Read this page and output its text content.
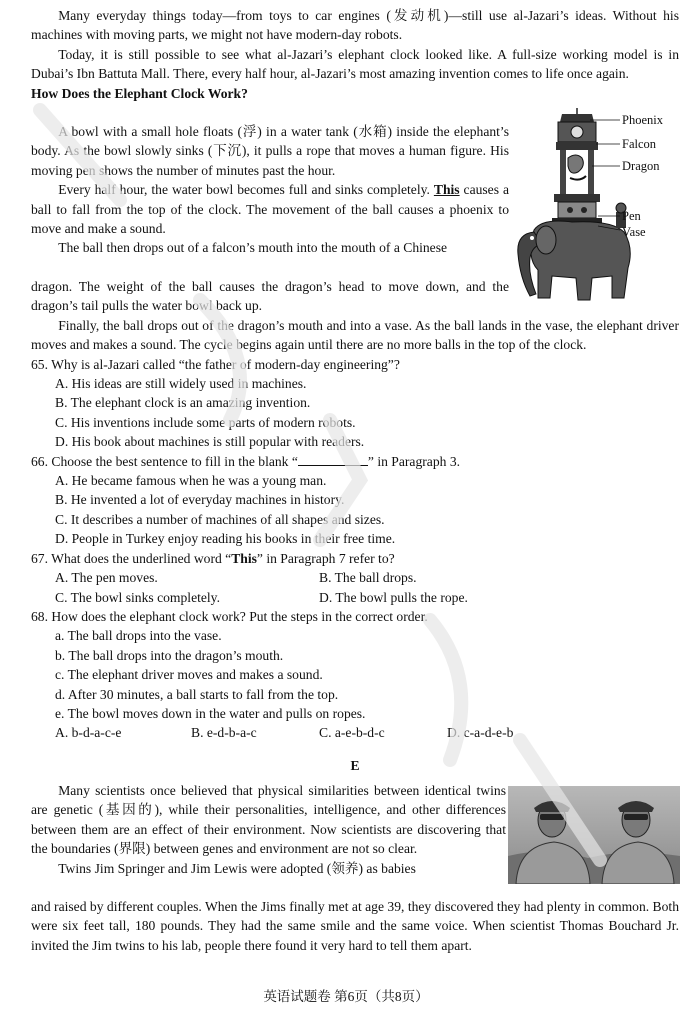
Many everyday things today—from toys to car engines (发动机)—still use al-Jazari’s ideas. Without his machines with moving parts, we might not have modern-day robots.

Today, it is still possible to see what al-Jazari’s elephant clock looked like. A full-size working model is in Dubai’s Ibn Battuta Mall. There, every half hour, al-Jazari’s most amazing invention comes to life once again.

How Does the Elephant Clock Work?

A bowl with a small hole floats (浮) in a water tank (水箱) inside the elephant’s body. As the bowl slowly sinks (下沉), it pulls a rope that moves a human figure. His moving pen shows the number of minutes past the hour.

Every half hour, the water bowl becomes full and sinks completely. This causes a ball to fall from the top of the clock. The movement of the ball causes a phoenix to move and make a sound.

The ball then drops out of a falcon’s mouth into the mouth of a Chinese

dragon. The weight of the ball causes the dragon’s head to move down, and the dragon’s tail pulls the water bowl back up.

Finally, the ball drops out of the dragon’s mouth and into a vase. As the ball lands in the vase, the elephant driver moves and makes a sound. The cycle begins again until there are no more balls in the top of the clock.

65. Why is al-Jazari called “the father of modern-day engineering”?

A. His ideas are still widely used in machines.

B. The elephant clock is an amazing invention.

C. His inventions include some parts of modern robots.

D. His book about machines is still popular with readers.

66. Choose the best sentence to fill in the blank “	” in Paragraph 3.

A. He became famous when he was a young man.

B. He invented a lot of everyday machines in history.

C. It describes a number of machines of all shapes and sizes.

D. People in Turkey enjoy reading his books in their free time.

67. What does the underlined word “This” in Paragraph 7 refer to?

A. The pen moves.	B. The ball drops.
C. The bowl sinks completely.	D. The bowl pulls the rope.

68. How does the elephant clock work? Put the steps in the correct order.

a. The ball drops into the vase.

b. The ball drops into the dragon’s mouth.

c. The elephant driver moves and makes a sound.

d. After 30 minutes, a ball starts to fall from the top.

e. The bowl moves down in the water and pulls on ropes.

A. b-d-a-c-e	B. e-d-b-a-c	C. a-e-b-d-c	D. c-a-d-e-b

E

Many scientists once believed that physical similarities between identical twins are genetic (基因的), while their personalities, intelligence, and other differences between them are an effect of their environment. Now scientists are discovering that the boundaries (界限) between genes and environment are not so clear.

Twins Jim Springer and Jim Lewis were adopted (领养) as babies

and raised by different couples. When the Jims finally met at age 39, they discovered they had plenty in common. Both were six feet tall, 180 pounds. They had the same smile and the same voice. When scientist Thomas Bouchard Jr. invited the Jim twins to his lab, people there found it very hard to tell them apart.

Phoenix
Falcon
Dragon
Pen
Vase
英语试题卷 第6页（共8页）
